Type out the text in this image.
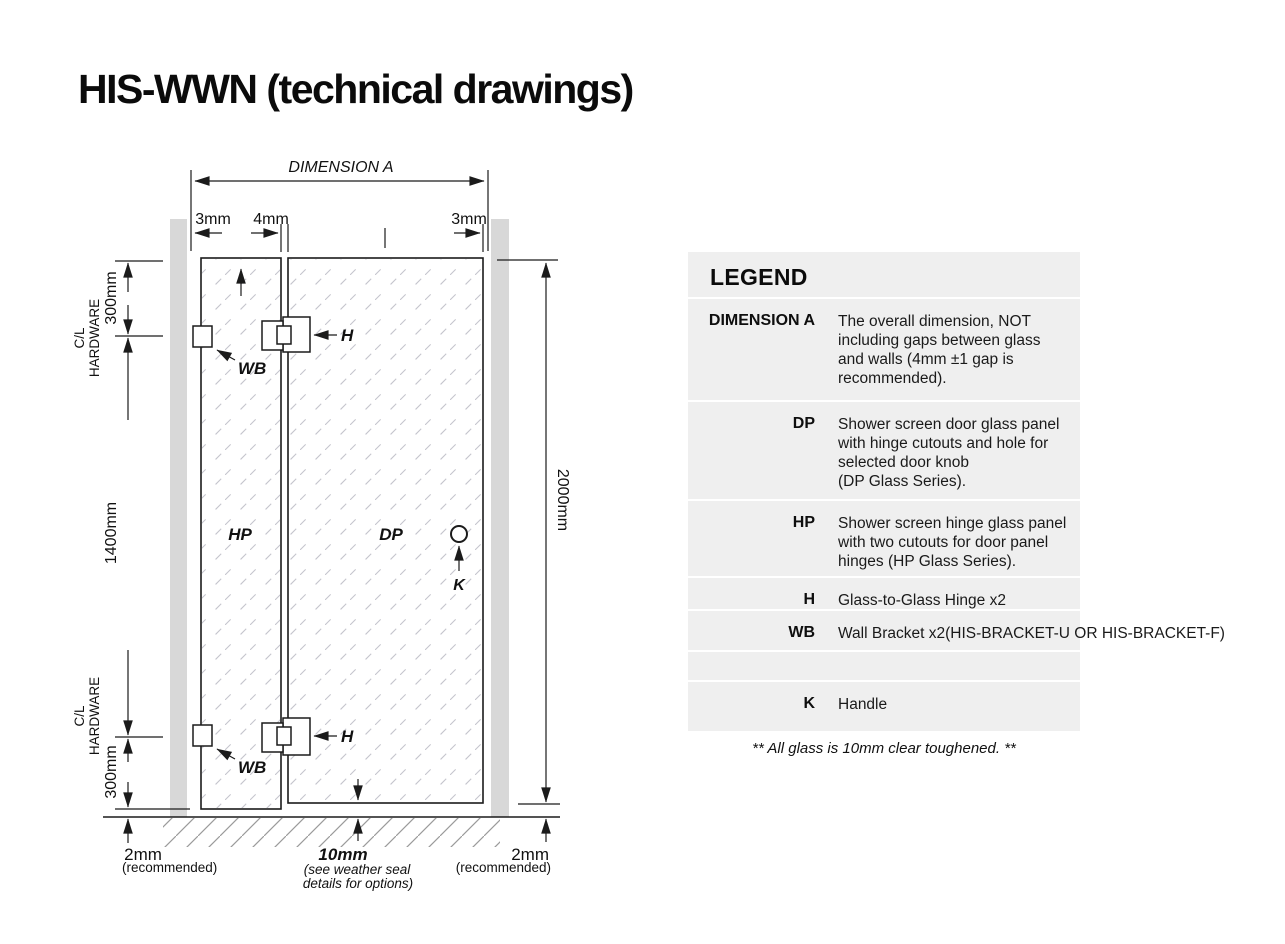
HIS-WWN (technical drawings)
DIMENSION A
3mm 4mm	3mm
2000mm
300mm
1400mm
300mm
C/L HARDWARE
C/L HARDWARE
HP	DP
H
H
WB
WB
K
2mm
(recommended)
10mm
(see weather seal
details for options)
2mm
(recommended)
LEGEND
DIMENSION A The overall dimension, NOT
including gaps between glass
and walls (4mm ±1 gap is
recommended).
DP Shower screen door glass panel
with hinge cutouts and hole for
selected door knob
(DP Glass Series).
HP Shower screen hinge glass panel
with two cutouts for door panel
hinges (HP Glass Series).
H Glass-to-Glass Hinge x2
WB Wall Bracket x2(HIS-BRACKET-U OR HIS-BRACKET-F)
K Handle
** All glass is 10mm clear toughened. **
